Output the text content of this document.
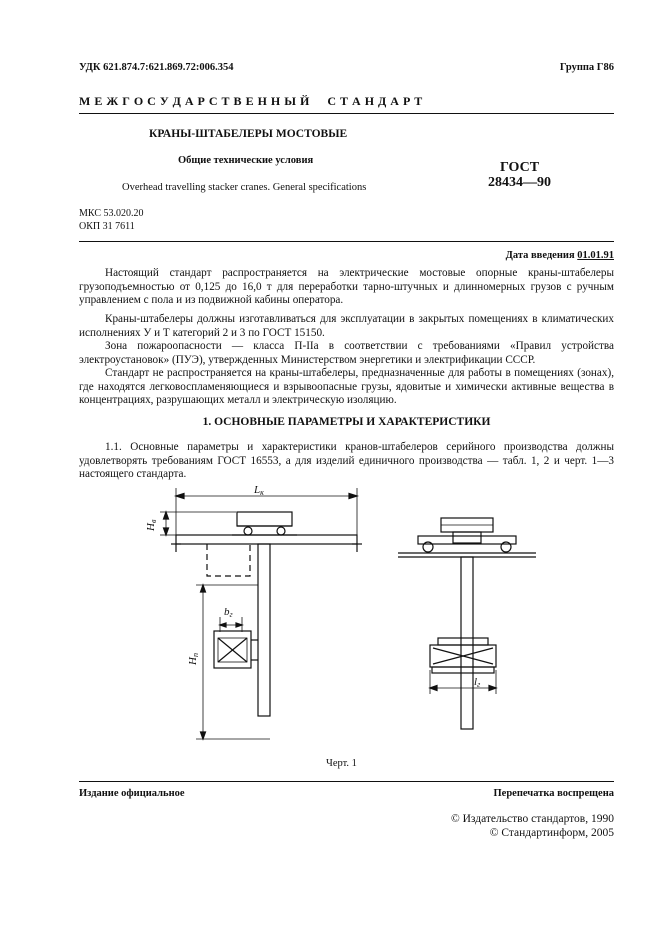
УДК 621.874.7:621.869.72:006.354	Группа Г86
М Е Ж Г О С У Д А Р С Т В Е Н Н Ы Й     С Т А Н Д А Р Т
КРАНЫ-ШТАБЕЛЕРЫ МОСТОВЫЕ
Общие технические условия
Overhead travelling stacker cranes. General specifications
ГОСТ
28434—90
МКС 53.020.20
ОКП 31 7611
Дата введения 01.01.91
Настоящий стандарт распространяется на электрические мостовые опорные краны-штабелеры грузоподъемностью от 0,125 до 16,0 т для переработки тарно-штучных и длинномерных грузов с ручным управлением с пола и из подвижной кабины оператора.
Краны-штабелеры должны изготавливаться для эксплуатации в закрытых помещениях в климатических исполнениях У и Т категорий 2 и 3 по ГОСТ 15150.
Зона пожароопасности — класса П-IIа в соответствии с требованиями «Правил устройства электроустановок» (ПУЭ), утвержденных Министерством энергетики и электрификации СССР.
Стандарт не распространяется на краны-штабелеры, предназначенные для работы в помещениях (зонах), где находятся легковоспламеняющиеся и взрывоопасные грузы, ядовитые и химически активные вещества в концентрациях, разрушающих металл и электрическую изоляцию.
1. ОСНОВНЫЕ ПАРАМЕТРЫ И ХАРАКТЕРИСТИКИ
1.1. Основные параметры и характеристики кранов-штабелеров серийного производства должны удовлетворять требованиям ГОСТ 16553, а для изделий единичного производства — табл. 1, 2 и черт. 1—3 настоящего стандарта.
Lк
Hв
bг
Hп
lг
Черт. 1
Издание официальное	Перепечатка воспрещена
© Издательство стандартов, 1990
© Стандартинформ, 2005
